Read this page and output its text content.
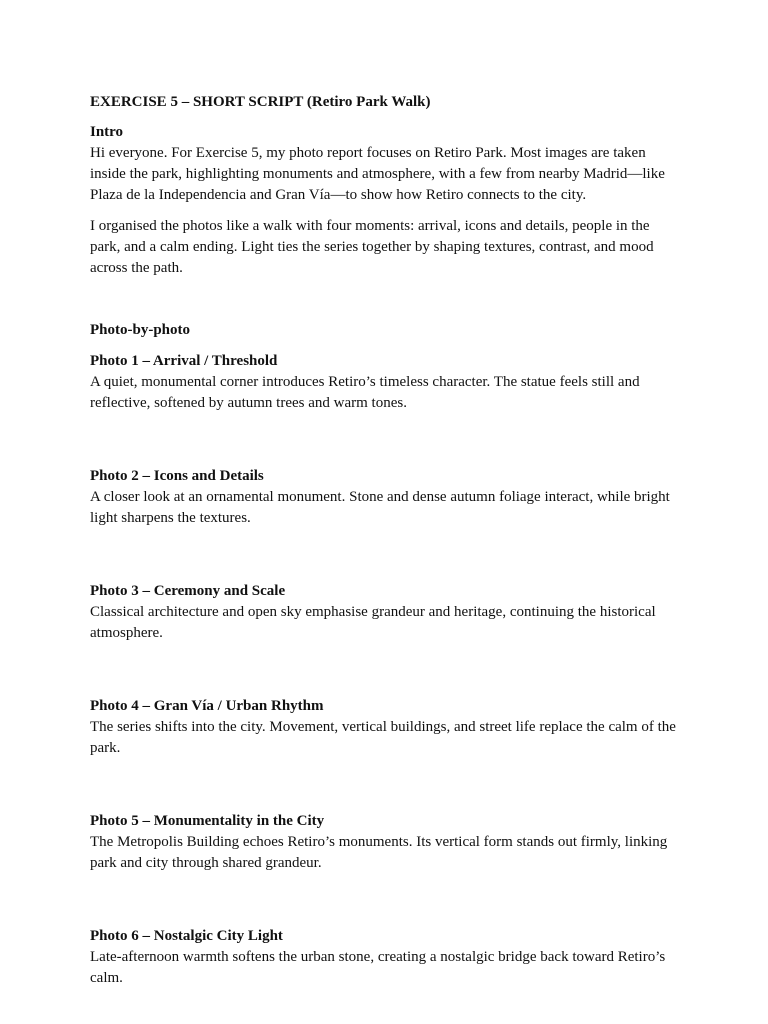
EXERCISE 5 – SHORT SCRIPT (Retiro Park Walk)

Intro

Hi everyone. For Exercise 5, my photo report focuses on Retiro Park. Most images are taken inside the park, highlighting monuments and atmosphere, with a few from nearby Madrid—like Plaza de la Independencia and Gran Vía—to show how Retiro connects to the city.

I organised the photos like a walk with four moments: arrival, icons and details, people in the park, and a calm ending. Light ties the series together by shaping textures, contrast, and mood across the path.

Photo-by-photo

Photo 1 – Arrival / Threshold

A quiet, monumental corner introduces Retiro’s timeless character. The statue feels still and reflective, softened by autumn trees and warm tones.

Photo 2 – Icons and Details

A closer look at an ornamental monument. Stone and dense autumn foliage interact, while bright light sharpens the textures.

Photo 3 – Ceremony and Scale

Classical architecture and open sky emphasise grandeur and heritage, continuing the historical atmosphere.

Photo 4 – Gran Vía / Urban Rhythm

The series shifts into the city. Movement, vertical buildings, and street life replace the calm of the park.

Photo 5 – Monumentality in the City

The Metropolis Building echoes Retiro’s monuments. Its vertical form stands out firmly, linking park and city through shared grandeur.

Photo 6 – Nostalgic City Light

Late-afternoon warmth softens the urban stone, creating a nostalgic bridge back toward Retiro’s calm.
